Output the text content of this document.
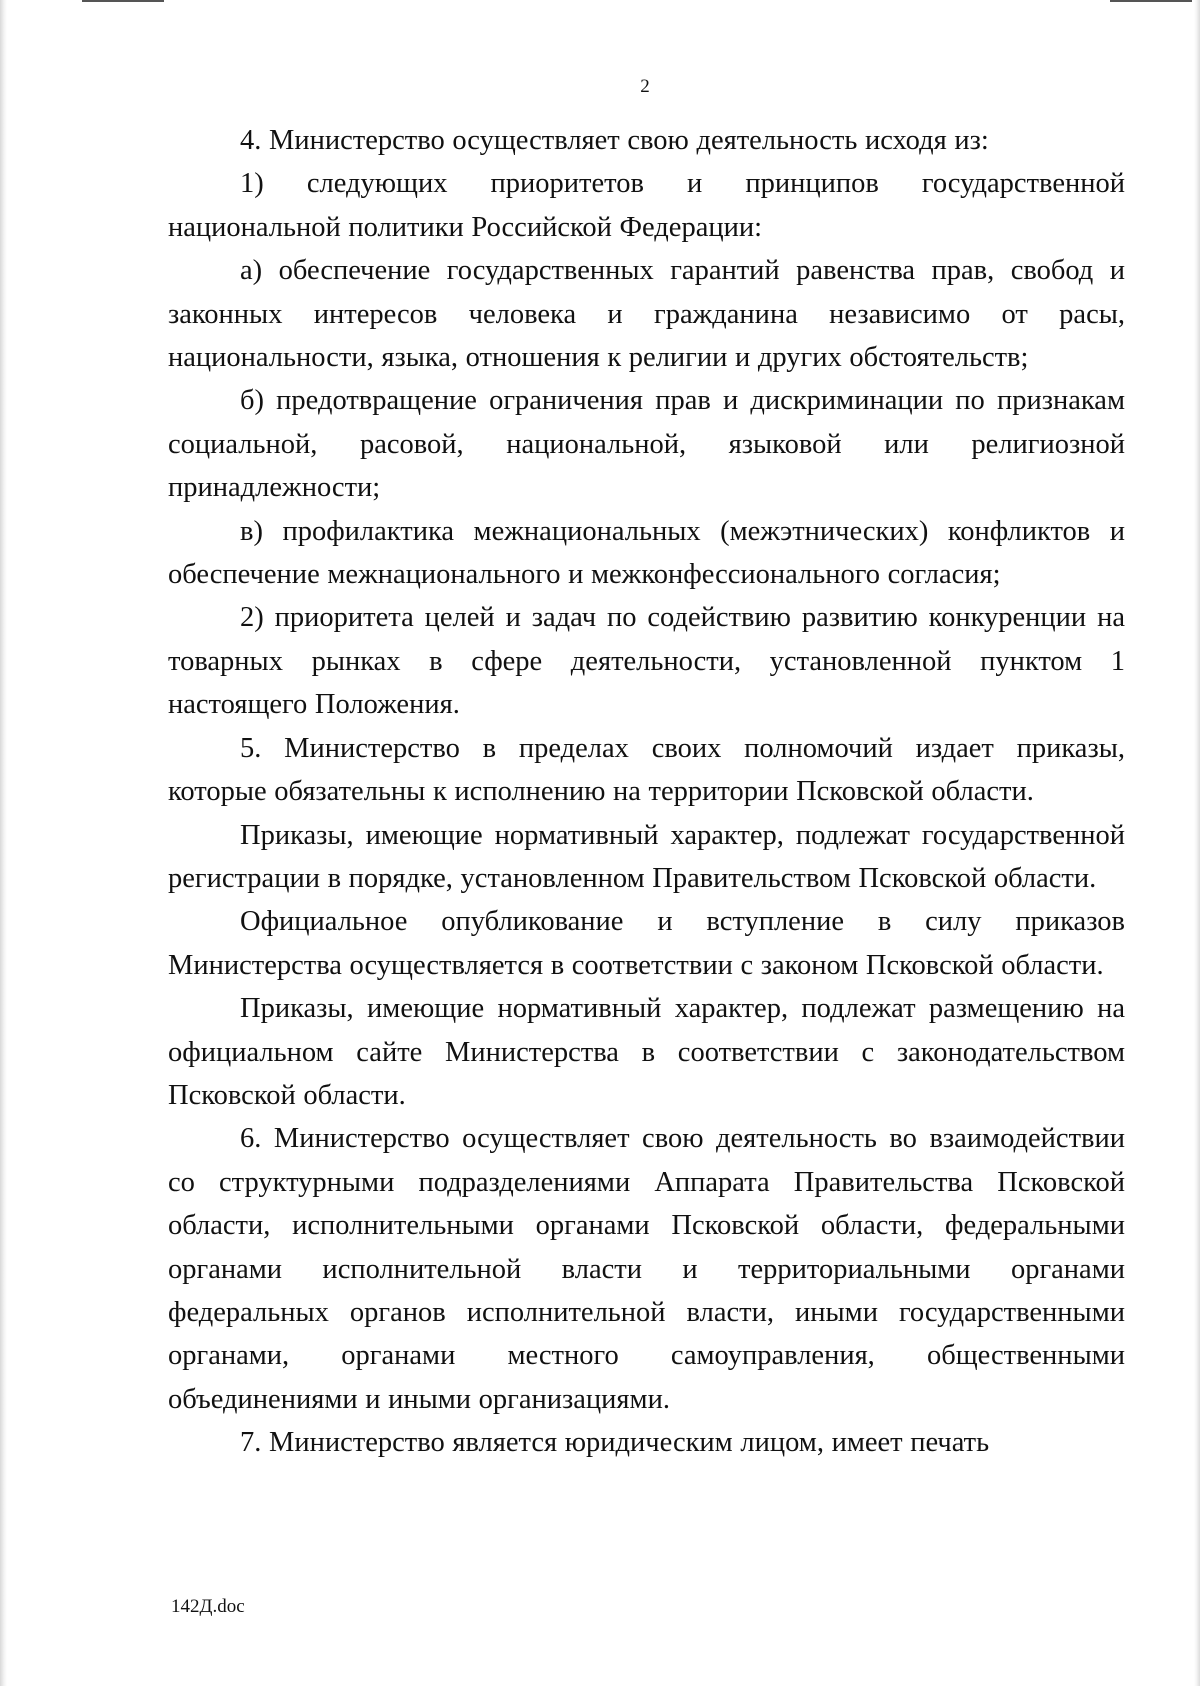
2

4. Министерство осуществляет свою деятельность исходя из:

1) следующих приоритетов и принципов государственной национальной политики Российской Федерации:

а) обеспечение государственных гарантий равенства прав, свобод и законных интересов человека и гражданина независимо от расы, национальности, языка, отношения к религии и других обстоятельств;

б) предотвращение ограничения прав и дискриминации по признакам социальной, расовой, национальной, языковой или религиозной принадлежности;

в) профилактика межнациональных (межэтнических) конфликтов и обеспечение межнационального и межконфессионального согласия;

2) приоритета целей и задач по содействию развитию конкуренции на товарных рынках в сфере деятельности, установленной пунктом 1 настоящего Положения.

5. Министерство в пределах своих полномочий издает приказы, которые обязательны к исполнению на территории Псковской области.

Приказы, имеющие нормативный характер, подлежат государственной регистрации в порядке, установленном Правительством Псковской области.

Официальное опубликование и вступление в силу приказов Министерства осуществляется в соответствии с законом Псковской области.

Приказы, имеющие нормативный характер, подлежат размещению на официальном сайте Министерства в соответствии с законодательством Псковской области.

6. Министерство осуществляет свою деятельность во взаимодействии со структурными подразделениями Аппарата Правительства Псковской области, исполнительными органами Псковской области, федеральными органами исполнительной власти и территориальными органами федеральных органов исполнительной власти, иными государственными органами, органами местного самоуправления, общественными объединениями и иными организациями.

7. Министерство является юридическим лицом, имеет печать

142Д.doc
